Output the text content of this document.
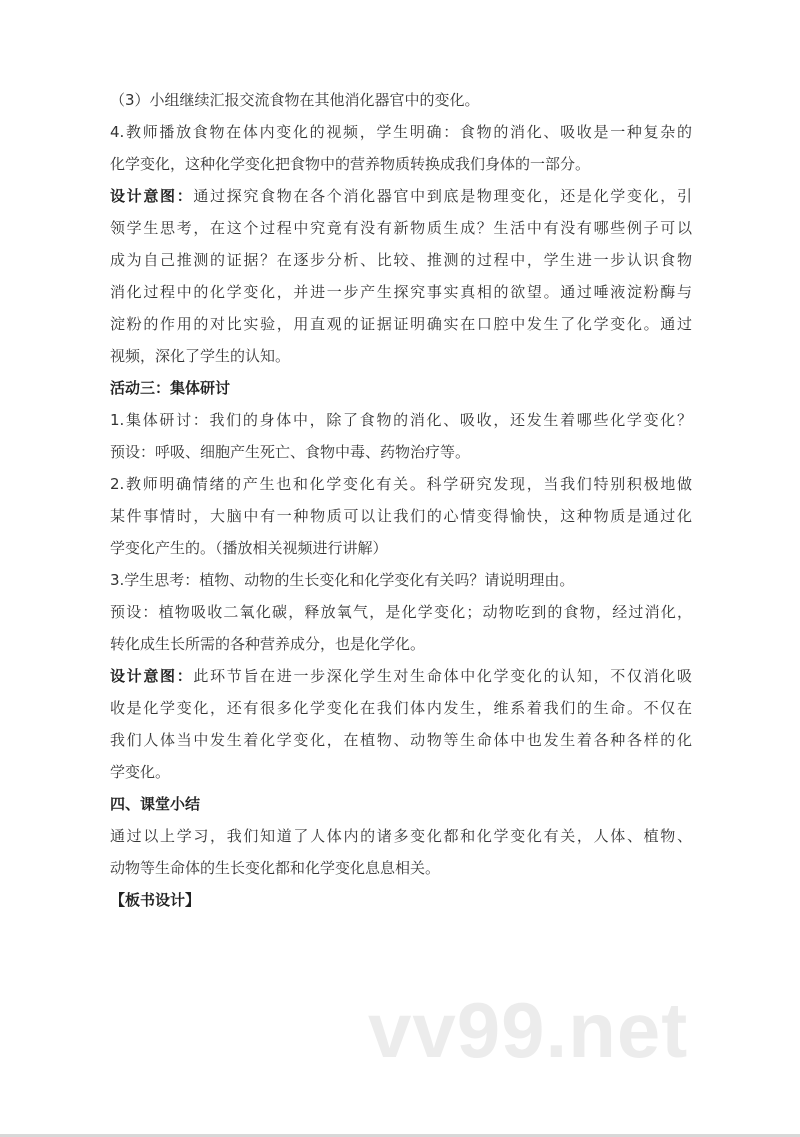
（3）小组继续汇报交流食物在其他消化器官中的变化。
4.教师播放食物在体内变化的视频，学生明确：食物的消化、吸收是一种复杂的
化学变化，这种化学变化把食物中的营养物质转换成我们身体的一部分。
设计意图：通过探究食物在各个消化器官中到底是物理变化，还是化学变化，引
领学生思考，在这个过程中究竟有没有新物质生成？生活中有没有哪些例子可以
成为自己推测的证据？在逐步分析、比较、推测的过程中，学生进一步认识食物
消化过程中的化学变化，并进一步产生探究事实真相的欲望。通过唾液淀粉酶与
淀粉的作用的对比实验，用直观的证据证明确实在口腔中发生了化学变化。通过
视频，深化了学生的认知。
活动三：集体研讨
1.集体研讨：我们的身体中，除了食物的消化、吸收，还发生着哪些化学变化？
预设：呼吸、细胞产生死亡、食物中毒、药物治疗等。
2.教师明确情绪的产生也和化学变化有关。科学研究发现，当我们特别积极地做
某件事情时，大脑中有一种物质可以让我们的心情变得愉快，这种物质是通过化
学变化产生的。（播放相关视频进行讲解）
3.学生思考：植物、动物的生长变化和化学变化有关吗？请说明理由。
预设：植物吸收二氧化碳，释放氧气，是化学变化；动物吃到的食物，经过消化，
转化成生长所需的各种营养成分，也是化学化。
设计意图：此环节旨在进一步深化学生对生命体中化学变化的认知，不仅消化吸
收是化学变化，还有很多化学变化在我们体内发生，维系着我们的生命。不仅在
我们人体当中发生着化学变化，在植物、动物等生命体中也发生着各种各样的化
学变化。
四、课堂小结
通过以上学习，我们知道了人体内的诸多变化都和化学变化有关，人体、植物、
动物等生命体的生长变化都和化学变化息息相关。
【板书设计】
vv99.net
